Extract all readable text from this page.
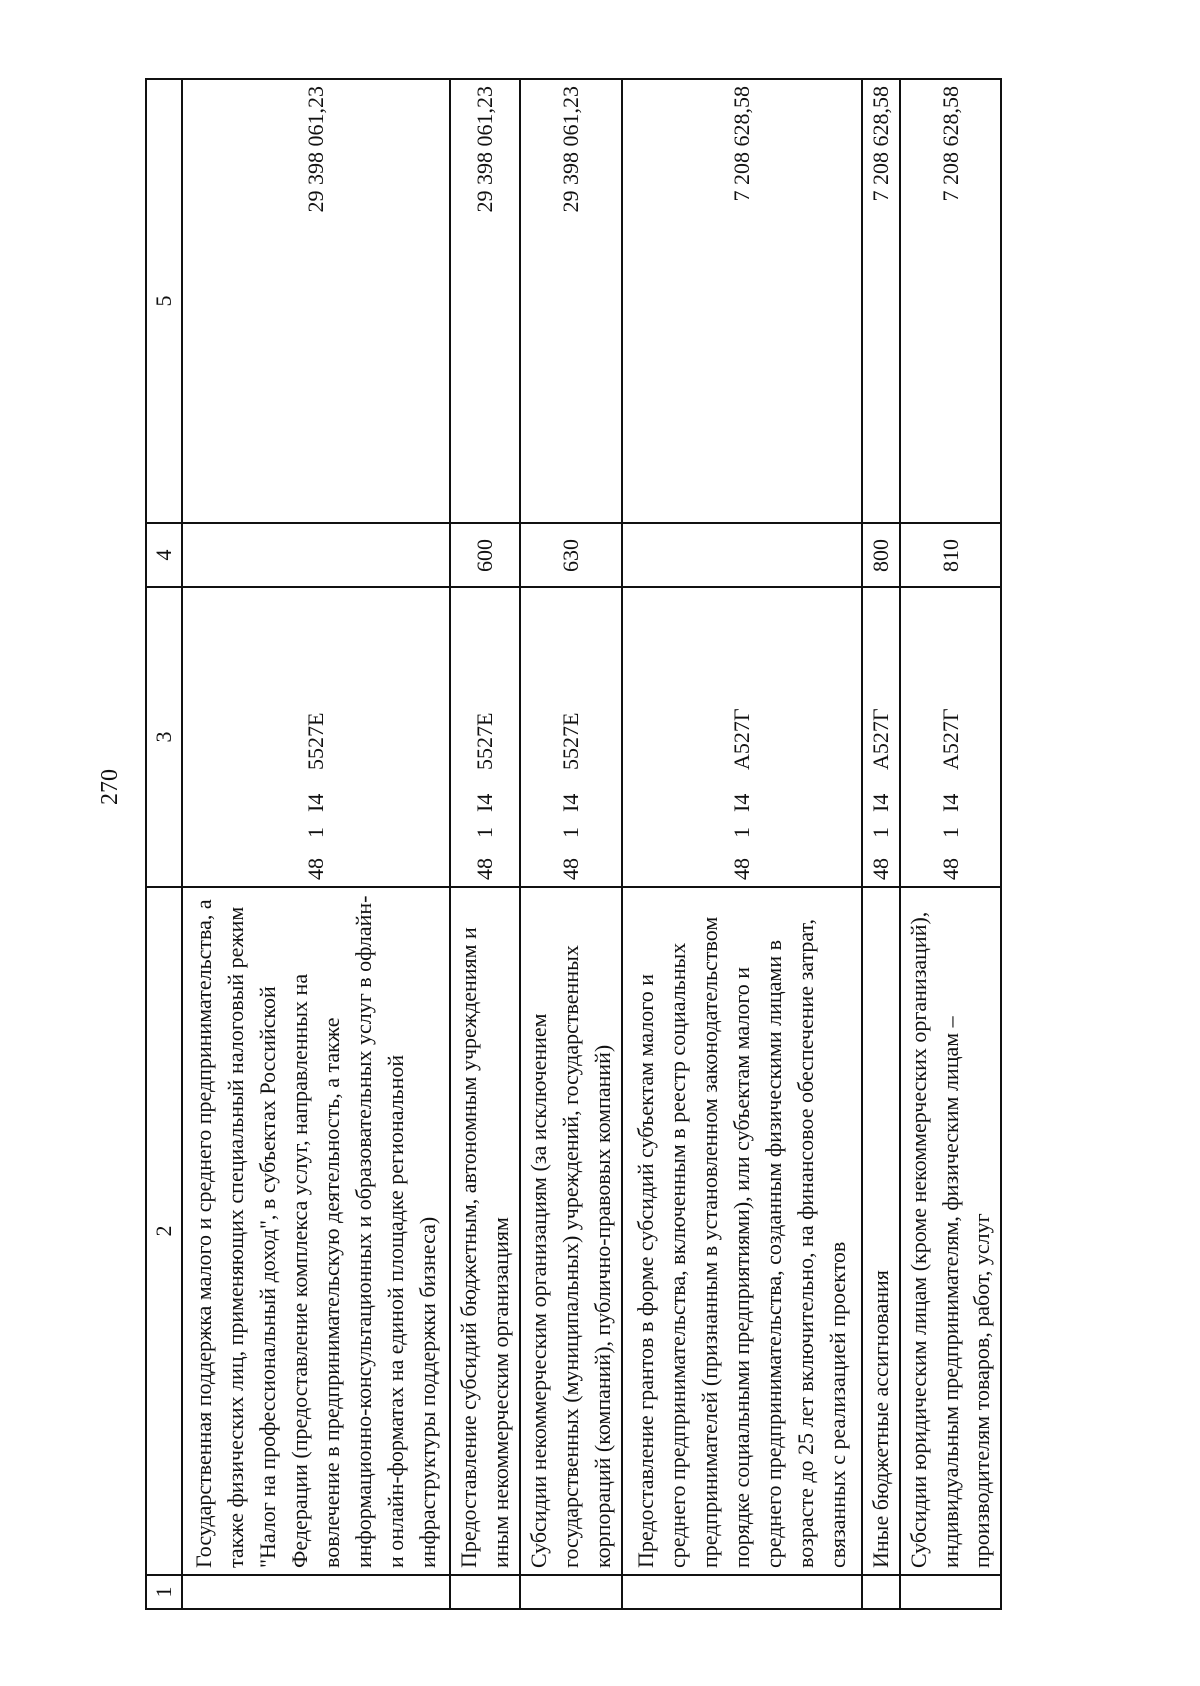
270
1	2	3	4	5
	Государственная поддержка малого и среднего предпринимательства, а также физических лиц, применяющих специальный налоговый режим "Налог на профессиональный доход", в субъектах Российской Федерации (предоставление комплекса услуг, направленных на вовлечение в предпринимательскую деятельность, а также информационно-консультационных и образовательных услуг в офлайн- и онлайн-форматах на единой площадке региональной инфраструктуры поддержки бизнеса)	481I45527Е		29 398 061,23
	Предоставление субсидий бюджетным, автономным учреждениям и иным некоммерческим организациям	481I45527Е	600	29 398 061,23
	Субсидии некоммерческим организациям (за исключением государственных (муниципальных) учреждений, государственных корпораций (компаний), публично-правовых компаний)	481I45527Е	630	29 398 061,23
	Предоставление грантов в форме субсидий субъектам малого и среднего предпринимательства, включенным в реестр социальных предпринимателей (признанным в установленном законодательством порядке социальными предприятиями), или субъектам малого и среднего предпринимательства, созданным физическими лицами в возрасте до 25 лет включительно, на финансовое обеспечение затрат, связанных с реализацией проектов	481I4А527Г		7 208 628,58
	Иные бюджетные ассигнования	481I4А527Г	800	7 208 628,58
	Субсидии юридическим лицам (кроме некоммерческих организаций), индивидуальным предпринимателям, физическим лицам – производителям товаров, работ, услуг	481I4А527Г	810	7 208 628,58
